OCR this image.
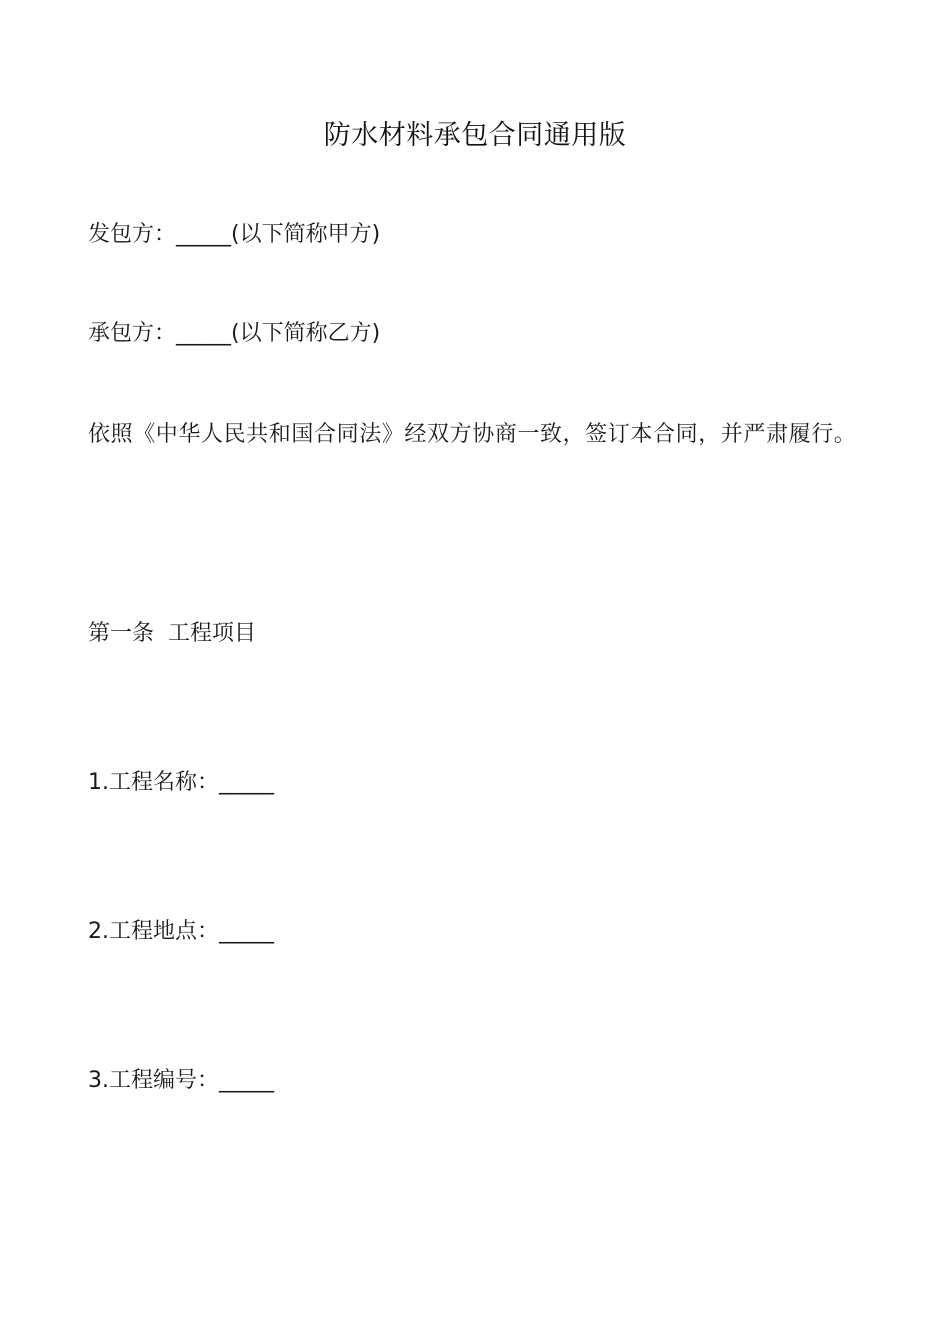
防水材料承包合同通用版
发包方：_____(以下简称甲方)
承包方：_____(以下简称乙方)
依照《中华人民共和国合同法》经双方协商一致，签订本合同，并严肃履行。
第一条  工程项目
1.工程名称：_____
2.工程地点：_____
3.工程编号：_____
